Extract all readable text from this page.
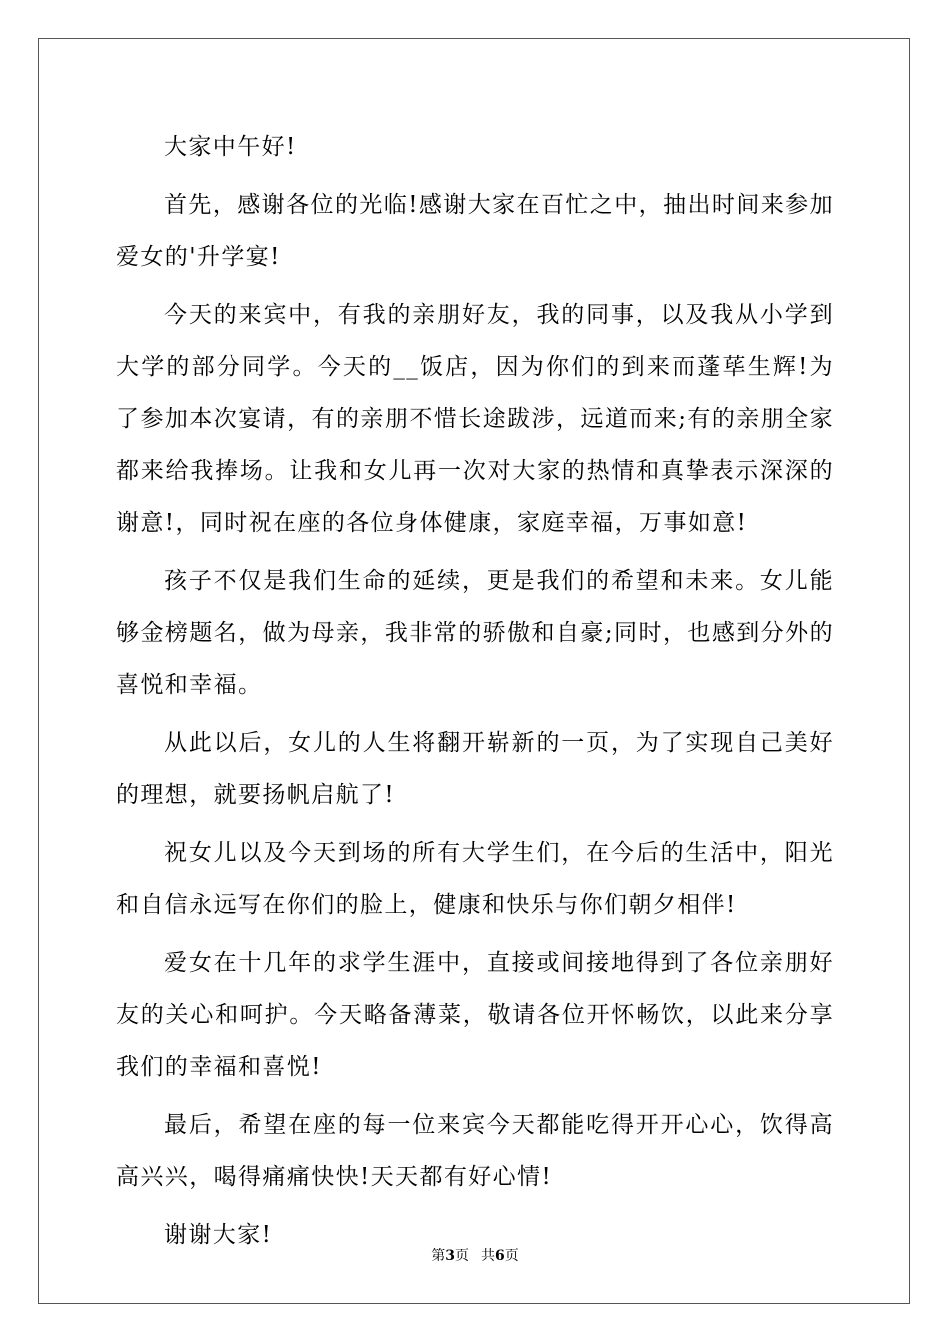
大家中午好!

首先，感谢各位的光临!感谢大家在百忙之中，抽出时间来参加爱女的'升学宴!

今天的来宾中，有我的亲朋好友，我的同事，以及我从小学到大学的部分同学。今天的__饭店，因为你们的到来而蓬荜生辉!为了参加本次宴请，有的亲朋不惜长途跋涉，远道而来;有的亲朋全家都来给我捧场。让我和女儿再一次对大家的热情和真挚表示深深的谢意!，同时祝在座的各位身体健康，家庭幸福，万事如意!

孩子不仅是我们生命的延续，更是我们的希望和未来。女儿能够金榜题名，做为母亲，我非常的骄傲和自豪;同时，也感到分外的喜悦和幸福。

从此以后，女儿的人生将翻开崭新的一页，为了实现自己美好的理想，就要扬帆启航了!

祝女儿以及今天到场的所有大学生们，在今后的生活中，阳光和自信永远写在你们的脸上，健康和快乐与你们朝夕相伴!

爱女在十几年的求学生涯中，直接或间接地得到了各位亲朋好友的关心和呵护。今天略备薄菜，敬请各位开怀畅饮，以此来分享我们的幸福和喜悦!

最后，希望在座的每一位来宾今天都能吃得开开心心，饮得高高兴兴，喝得痛痛快快!天天都有好心情!

谢谢大家!

第3页 共6页
